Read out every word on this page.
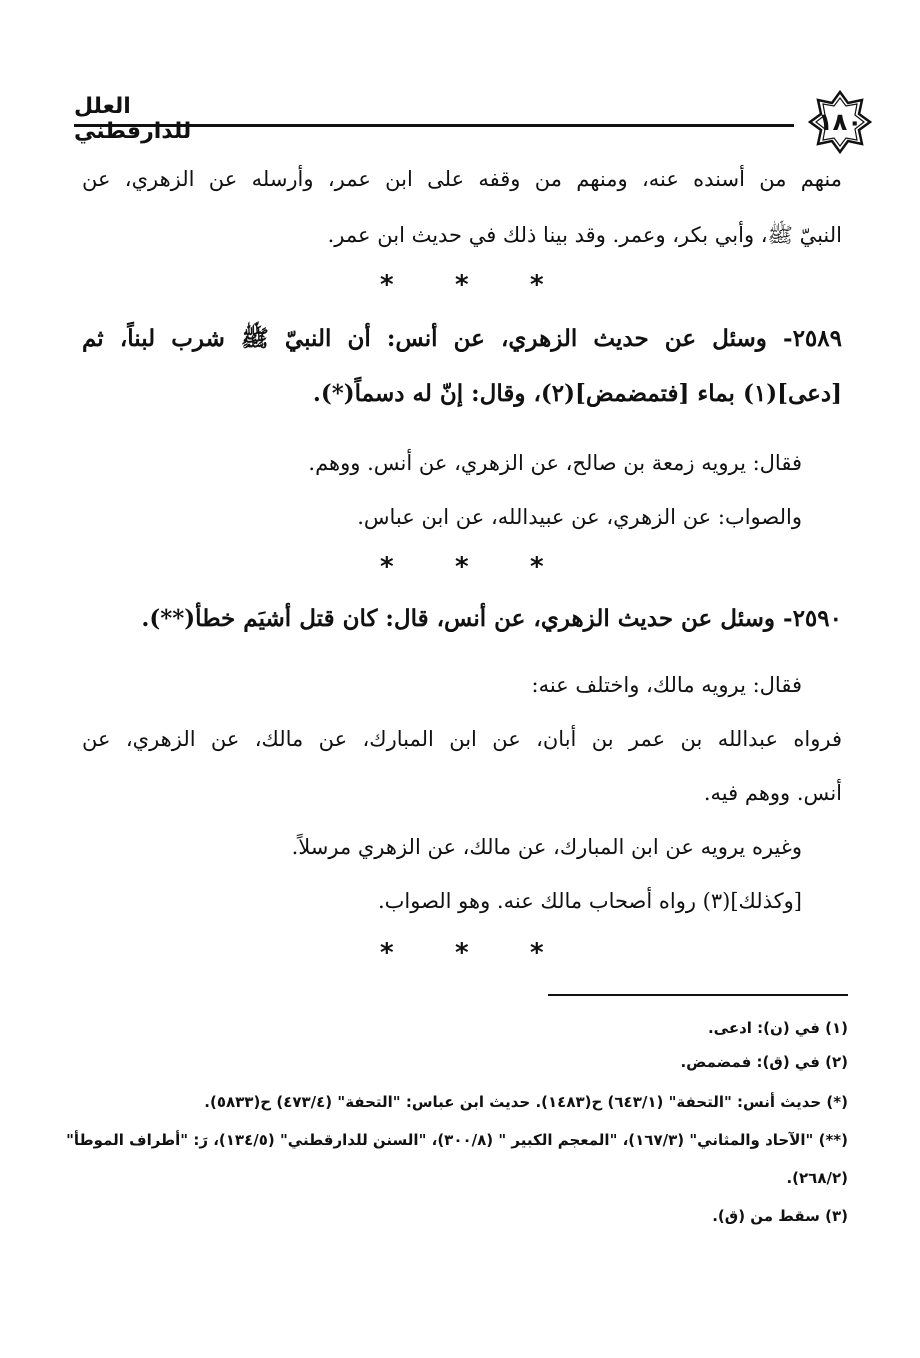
١٨٠
العلل للدارقطني
منهم من أسنده عنه، ومنهم من وقفه على ابن عمر، وأرسله عن الزهري، عن
النبيّ ﷺ، وأبي بكر، وعمر. وقد بينا ذلك في حديث ابن عمر.
* * *
٢٥٨٩- وسئل عن حديث الزهري، عن أنس: أن النبيّ ﷺ شرب لبناً، ثم
[دعى](١) بماء [فتمضمض](٢)، وقال: إنّ له دسماً(*).
فقال: يرويه زمعة بن صالح، عن الزهري، عن أنس. ووهم.
والصواب: عن الزهري، عن عبيدالله، عن ابن عباس.
* * *
٢٥٩٠- وسئل عن حديث الزهري، عن أنس، قال: كان قتل أشيَم خطأ(**).
فقال: يرويه مالك، واختلف عنه:
فرواه عبدالله بن عمر بن أبان، عن ابن المبارك، عن مالك، عن الزهري، عن
أنس. ووهم فيه.
وغيره يرويه عن ابن المبارك، عن مالك، عن الزهري مرسلاً.
[وكذلك](٣) رواه أصحاب مالك عنه. وهو الصواب.
* * *
(١) في (ن): ادعى.
(٢) في (ق): فمضمض.
(*) حديث أنس: "التحفة" (٦٤٣/١) ح(١٤٨٣). حديث ابن عباس: "التحفة" (٤٧٣/٤) ح(٥٨٣٣).
(**) "الآحاد والمثاني" (١٦٧/٣)، "المعجم الكبير " (٣٠٠/٨)، "السنن للدارقطني" (١٣٤/٥)، رَ: "أطراف الموطأ"
(٢٦٨/٢).
(٣) سقط من (ق).
